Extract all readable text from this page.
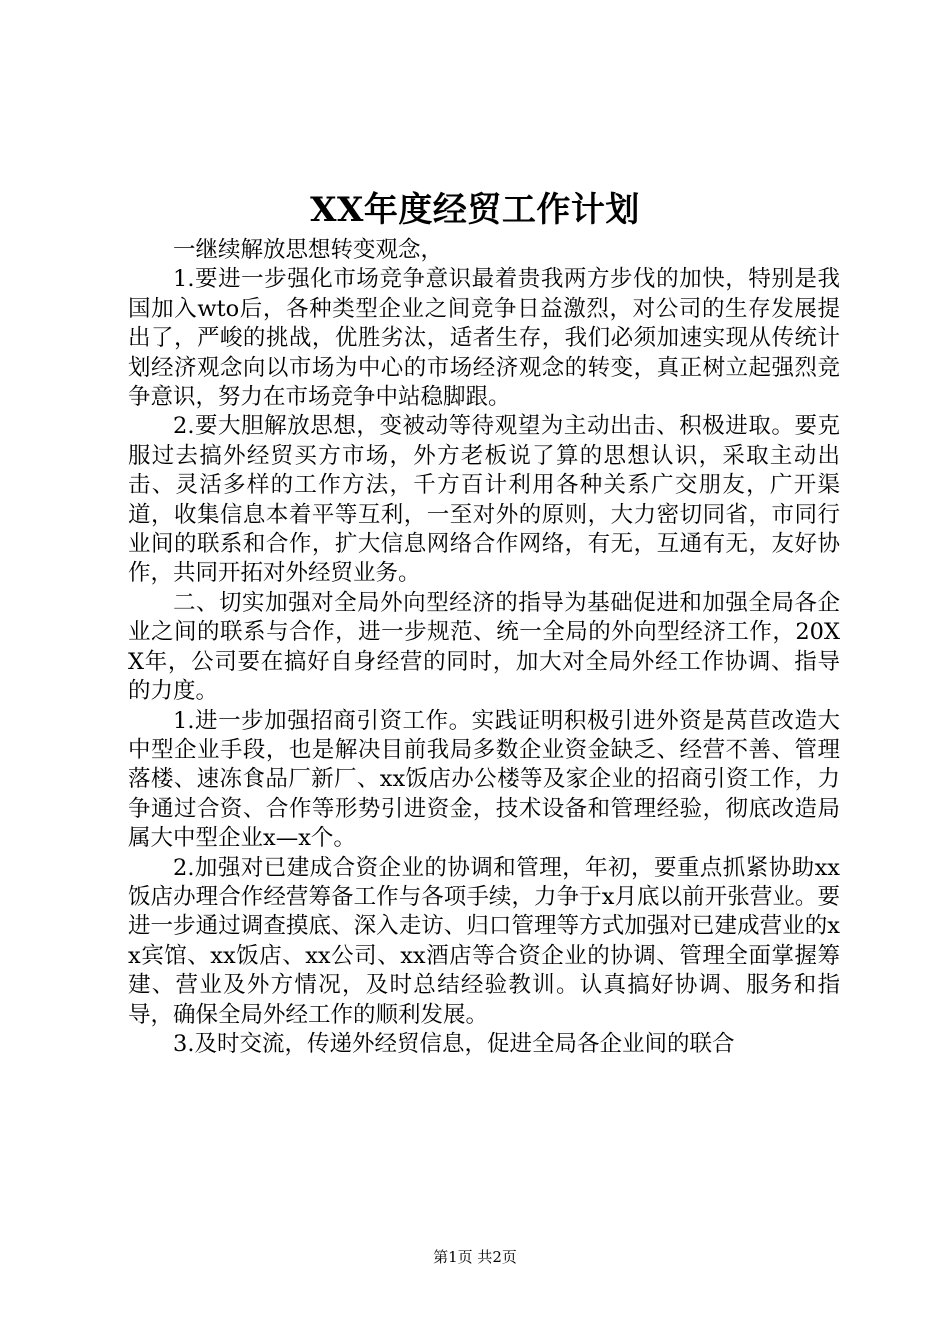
XX年度经贸工作计划

一继续解放思想转变观念，

1.要进一步强化市场竞争意识最着贵我两方步伐的加快，特别是我国加入wto后，各种类型企业之间竞争日益激烈，对公司的生存发展提出了，严峻的挑战，优胜劣汰，适者生存，我们必须加速实现从传统计划经济观念向以市场为中心的市场经济观念的转变，真正树立起强烈竞争意识，努力在市场竞争中站稳脚跟。

2.要大胆解放思想，变被动等待观望为主动出击、积极进取。要克服过去搞外经贸买方市场，外方老板说了算的思想认识，采取主动出击、灵活多样的工作方法，千方百计利用各种关系广交朋友，广开渠道，收集信息本着平等互利，一至对外的原则，大力密切同省，市同行业间的联系和合作，扩大信息网络合作网络，有无，互通有无，友好协作，共同开拓对外经贸业务。

二、切实加强对全局外向型经济的指导为基础促进和加强全局各企业之间的联系与合作，进一步规范、统一全局的外向型经济工作，20XX年，公司要在搞好自身经营的同时，加大对全局外经工作协调、指导的力度。

1.进一步加强招商引资工作。实践证明积极引进外资是莴苣改造大中型企业手段，也是解决目前我局多数企业资金缺乏、经营不善、管理落楼、速冻食品厂新厂、xx饭店办公楼等及家企业的招商引资工作，力争通过合资、合作等形势引进资金，技术设备和管理经验，彻底改造局属大中型企业x—x个。

2.加强对已建成合资企业的协调和管理，年初，要重点抓紧协助xx饭店办理合作经营筹备工作与各项手续，力争于x月底以前开张营业。要进一步通过调查摸底、深入走访、归口管理等方式加强对已建成营业的xx宾馆、xx饭店、xx公司、xx酒店等合资企业的协调、管理全面掌握筹建、营业及外方情况，及时总结经验教训。认真搞好协调、服务和指导，确保全局外经工作的顺利发展。

3.及时交流，传递外经贸信息，促进全局各企业间的联合

第1页 共2页
